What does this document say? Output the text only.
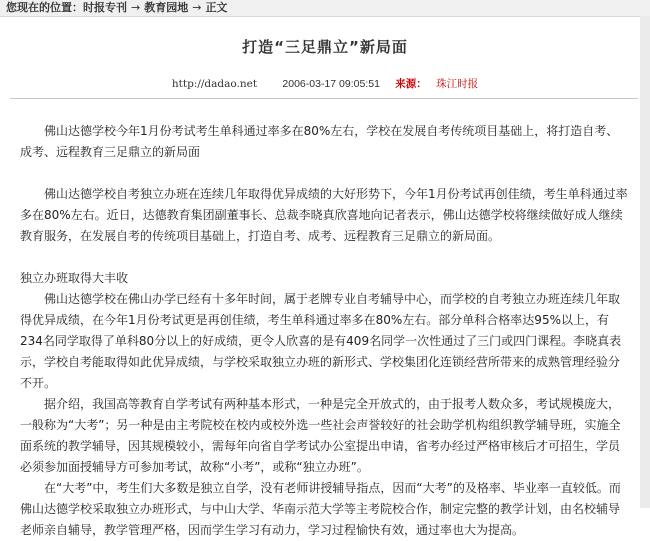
您现在的位置：时报专刊 → 教育园地 → 正文
打造“三足鼎立”新局面
http://dadao.net 2006-03-17 09:05:51 来源： 珠江时报

佛山达德学校今年1月份考试考生单科通过率多在80%左右，学校在发展自考传统项目基础上，将打造自考、成考、远程教育三足鼎立的新局面

佛山达德学校自考独立办班在连续几年取得优异成绩的大好形势下，今年1月份考试再创佳绩，考生单科通过率多在80%左右。近日，达德教育集团副董事长、总裁李晓真欣喜地向记者表示，佛山达德学校将继续做好成人继续教育服务，在发展自考的传统项目基础上，打造自考、成考、远程教育三足鼎立的新局面。

独立办班取得大丰收

佛山达德学校在佛山办学已经有十多年时间，属于老牌专业自考辅导中心，而学校的自考独立办班连续几年取得优异成绩，在今年1月份考试更是再创佳绩，考生单科通过率多在80%左右。部分单科合格率达95%以上，有234名同学取得了单科80分以上的好成绩，更令人欣喜的是有409名同学一次性通过了三门或四门课程。李晓真表示，学校自考能取得如此优异成绩，与学校采取独立办班的新形式、学校集团化连锁经营所带来的成熟管理经验分不开。

据介绍，我国高等教育自学考试有两种基本形式，一种是完全开放式的，由于报考人数众多，考试规模庞大，一般称为“大考”；另一种是由主考院校在校内或校外选一些社会声誉较好的社会助学机构组织教学辅导班，实施全面系统的教学辅导，因其规模较小，需每年向省自学考试办公室提出申请，省考办经过严格审核后才可招生，学员必须参加面授辅导方可参加考试，故称“小考”，或称“独立办班”。

在“大考”中，考生们大多数是独立自学，没有老师讲授辅导指点，因而“大考”的及格率、毕业率一直较低。而佛山达德学校采取独立办班形式，与中山大学、华南示范大学等主考院校合作，制定完整的教学计划，由名校辅导老师亲自辅导，教学管理严格，因而学生学习有动力，学习过程愉快有效，通过率也大为提高。
